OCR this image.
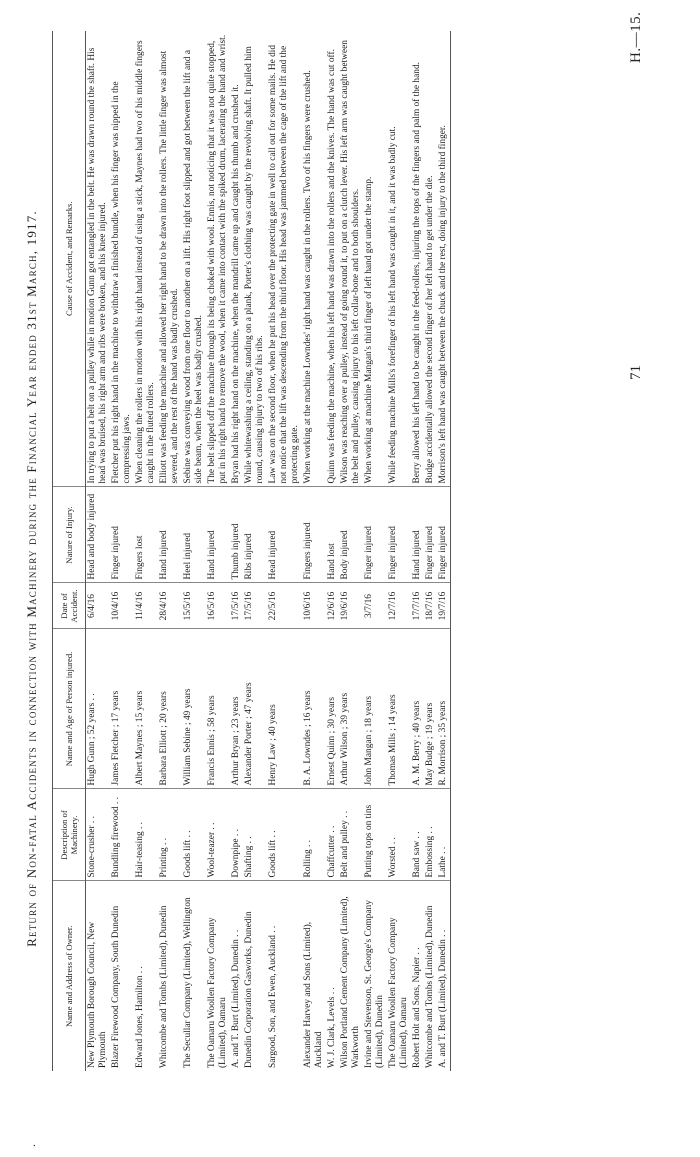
.
71
H.—15.
Return of Non-fatal Accidents in connection with Machinery during the Financial Year ended 31st March, 1917.
Name and Address of Owner.	Description of Machinery.	Name and Age of Person injured.	Date of Accident.	Nature of Injury.	Cause of Accident, and Remarks.
New Plymouth Borough Council, New Plymouth	Stone-crusher . .	Hugh Gunn ; 52 years . .	6/4/16	Head and body injured	In trying to put a belt on a pulley while in motion Gunn got entangled in the belt. He was drawn round the shaft. His head was bruised, his right arm and ribs were broken, and his knee injured.
Blazer Firewood Company, South Dunedin	Bundling firewood . .	James Fletcher ; 17 years	10/4/16	Finger injured	Fletcher put his right hand in the machine to withdraw a finished bundle, when his finger was nipped in the compressing jaws.
Edward Jones, Hamilton . .	Hair-teasing . .	Albert Maynes ; 15 years	11/4/16	Fingers lost	When cleaning the rollers in motion with his right hand instead of using a stick, Maynes had two of his middle fingers caught in the fluted rollers.
Whitcombe and Tombs (Limited), Dunedin	Printing . .	Barbara Elliott ; 20 years	28/4/16	Hand injured	Elliott was feeding the machine and allowed her right hand to be drawn into the rollers. The little finger was almost severed, and the rest of the hand was badly crushed.
The Secullar Company (Limited), Wellington	Goods lift . .	William Sebine ; 49 years	15/5/16	Heel injured	Sebine was conveying wood from one floor to another on a lift. His right foot slipped and got between the lift and a side beam, when the heel was badly crushed.
The Oamaru Woollen Factory Company (Limited), Oamaru	Wool-teazer . .	Francis Ennis ; 58 years	16/5/16	Hand injured	The belt slipped off the machine through its being choked with wool. Ennis, not noticing that it was not quite stopped, put in his right hand to remove the wool, when it came into contact with the spiked drum, lacerating the hand and wrist.
A. and T. Burt (Limited), Dunedin . .	Downpipe . .	Arthur Bryan ; 23 years	17/5/16	Thumb injured	Bryan had his right hand on the machine, when the mandrill came up and caught his thumb and crushed it.
Dunedin Corporation Gasworks, Dunedin	Shafting . .	Alexander Porter ; 47 years	17/5/16	Ribs injured	While whitewashing a ceiling, standing on a plank, Porter's clothing was caught by the revolving shaft. It pulled him round, causing injury to two of his ribs.
Sargood, Son, and Ewen, Auckland . .	Goods lift . .	Henry Law ; 40 years	22/5/16	Head injured	Law was on the second floor, when he put his head over the protecting gate in well to call out for some mails. He did not notice that the lift was descending from the third floor. His head was jammed between the cage of the lift and the protecting gate.
Alexander Harvey and Sons (Limited), Auckland	Rolling . .	B. A. Lowndes ; 16 years	10/6/16	Fingers injured	When working at the machine Lowndes' right hand was caught in the rollers. Two of his fingers were crushed.
W. J. Clark, Levels . .	Chaffcutter . .	Ernest Quinn ; 30 years	12/6/16	Hand lost	Quinn was feeding the machine, when his left hand was drawn into the rollers and the knives. The hand was cut off.
Wilson Portland Cement Company (Limited), Warkworth	Belt and pulley . .	Arthur Wilson ; 39 years	19/6/16	Body injured	Wilson was reaching over a pulley, instead of going round it, to put on a clutch lever. His left arm was caught between the belt and pulley, causing injury to his left collar-bone and to both shoulders.
Irvine and Stevenson, St. George's Company (Limited), Dunedin	Putting tops on tins	John Mangan ; 18 years	3/7/16	Finger injured	When working at machine Mangan's third finger of left hand got under the stamp.
The Oamaru Woollen Factory Company (Limited), Oamaru	Worsted . .	Thomas Mills ; 14 years	12/7/16	Finger injured	While feeding machine Mills's forefinger of his left hand was caught in it, and it was badly cut.
Robert Holt and Sons, Napier . .	Band saw . .	A. M. Berry ; 40 years	17/7/16	Hand injured	Berry allowed his left hand to be caught in the feed-rollers, injuring the tops of the fingers and palm of the hand.
Whitcombe and Tombs (Limited), Dunedin	Embossing . .	May Budge ; 19 years	18/7/16	Finger injured	Budge accidentally allowed the second finger of her left hand to get under the die.
A. and T. Burt (Limited), Dunedin . .	Lathe . .	R. Morrison ; 35 years	19/7/16	Finger injured	Morrison's left hand was caught between the chuck and the rest, doing injury to the third finger.
